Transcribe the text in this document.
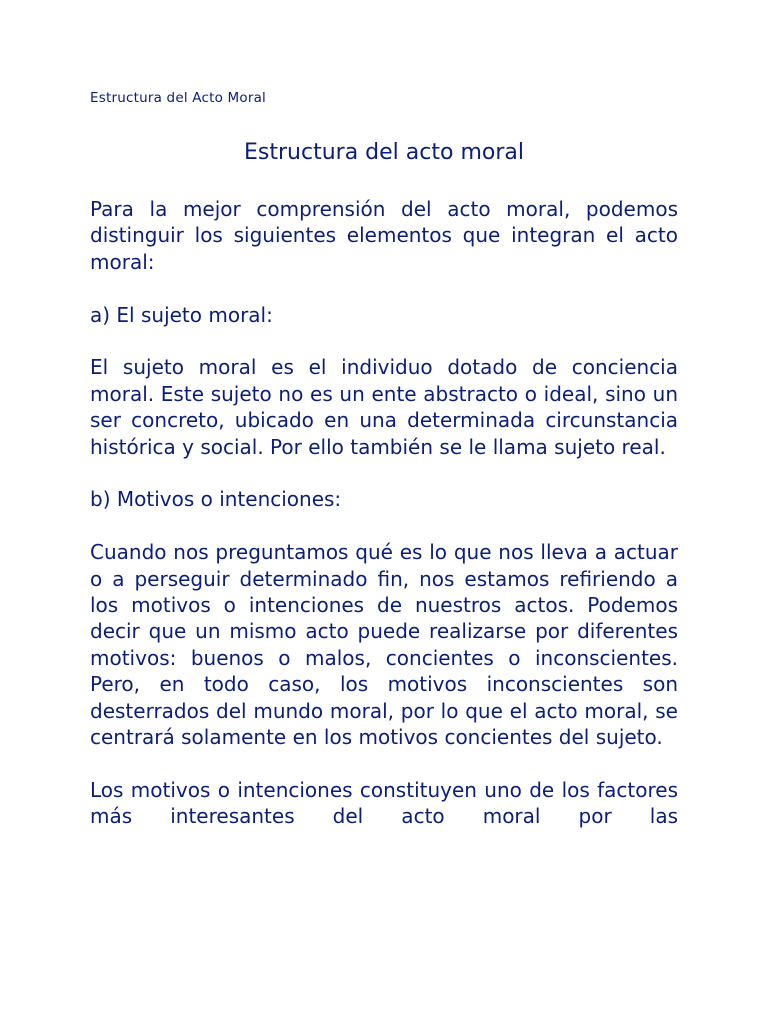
Estructura del Acto Moral
Estructura del acto moral

Para la mejor comprensión del acto moral, podemos distinguir los siguientes elementos que integran el acto moral:

a) El sujeto moral:

El sujeto moral es el individuo dotado de conciencia moral. Este sujeto no es un ente abstracto o ideal, sino un ser concreto, ubicado en una determinada circunstancia histórica y social. Por ello también se le llama sujeto real.

b) Motivos o intenciones:

Cuando nos preguntamos qué es lo que nos lleva a actuar o a perseguir determinado fin, nos estamos refiriendo a los motivos o intenciones de nuestros actos. Podemos decir que un mismo acto puede realizarse por diferentes motivos: buenos o malos, concientes o inconscientes. Pero, en todo caso, los motivos inconscientes son desterrados del mundo moral, por lo que el acto moral, se centrará solamente en los motivos concientes del sujeto.

Los motivos o intenciones constituyen uno de los factores más interesantes del acto moral por las
